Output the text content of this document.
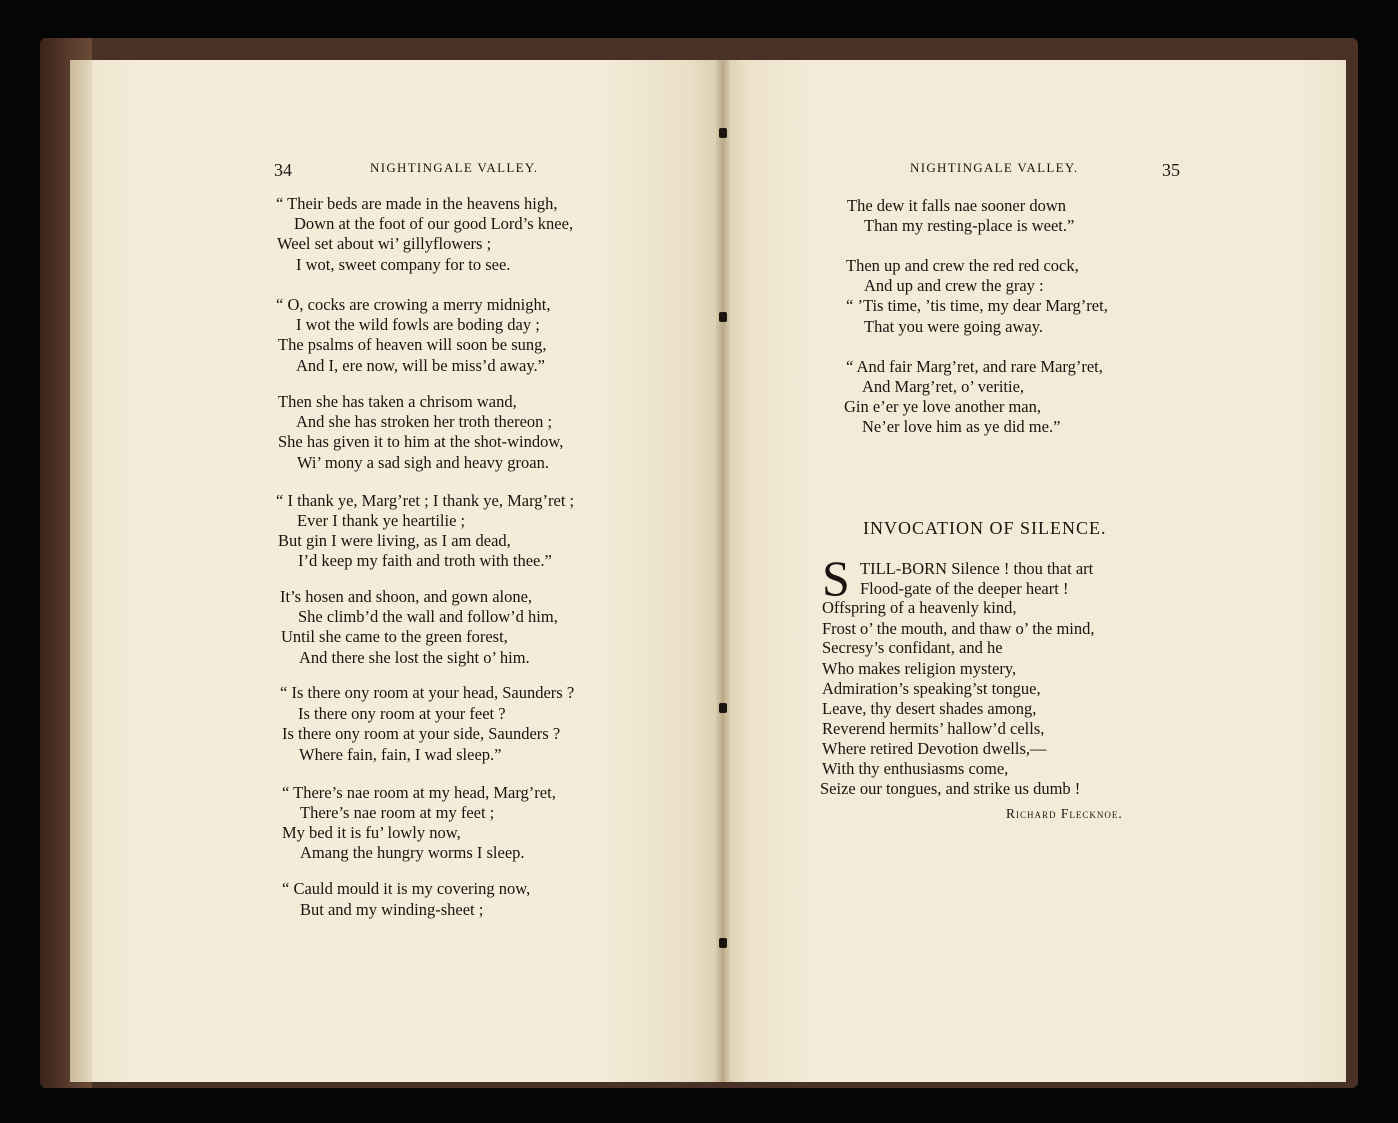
34	NIGHTINGALE VALLEY.
“ Their beds are made in the heavens high,
Down at the foot of our good Lord’s knee,
Weel set about wi’ gillyflowers ;
I wot, sweet company for to see.
“ O, cocks are crowing a merry midnight,
I wot the wild fowls are boding day ;
The psalms of heaven will soon be sung,
And I, ere now, will be miss’d away.”
Then she has taken a chrisom wand,
And she has stroken her troth thereon ;
She has given it to him at the shot-window,
Wi’ mony a sad sigh and heavy groan.
“ I thank ye, Marg’ret ; I thank ye, Marg’ret ;
Ever I thank ye heartilie ;
But gin I were living, as I am dead,
I’d keep my faith and troth with thee.”
It’s hosen and shoon, and gown alone,
She climb’d the wall and follow’d him,
Until she came to the green forest,
And there she lost the sight o’ him.
“ Is there ony room at your head, Saunders ?
Is there ony room at your feet ?
Is there ony room at your side, Saunders ?
Where fain, fain, I wad sleep.”
“ There’s nae room at my head, Marg’ret,
There’s nae room at my feet ;
My bed it is fu’ lowly now,
Amang the hungry worms I sleep.
“ Cauld mould it is my covering now,
But and my winding-sheet ;
NIGHTINGALE VALLEY.	35
The dew it falls nae sooner down
Than my resting-place is weet.”
Then up and crew the red red cock,
And up and crew the gray :
“ ’Tis time, ’tis time, my dear Marg’ret,
That you were going away.
“ And fair Marg’ret, and rare Marg’ret,
And Marg’ret, o’ veritie,
Gin e’er ye love another man,
Ne’er love him as ye did me.”
INVOCATION OF SILENCE.
S TILL-BORN Silence ! thou that art
Flood-gate of the deeper heart !
Offspring of a heavenly kind,
Frost o’ the mouth, and thaw o’ the mind,
Secresy’s confidant, and he
Who makes religion mystery,
Admiration’s speaking’st tongue,
Leave, thy desert shades among,
Reverend hermits’ hallow’d cells,
Where retired Devotion dwells,—
With thy enthusiasms come,
Seize our tongues, and strike us dumb !
Richard Flecknoe.
